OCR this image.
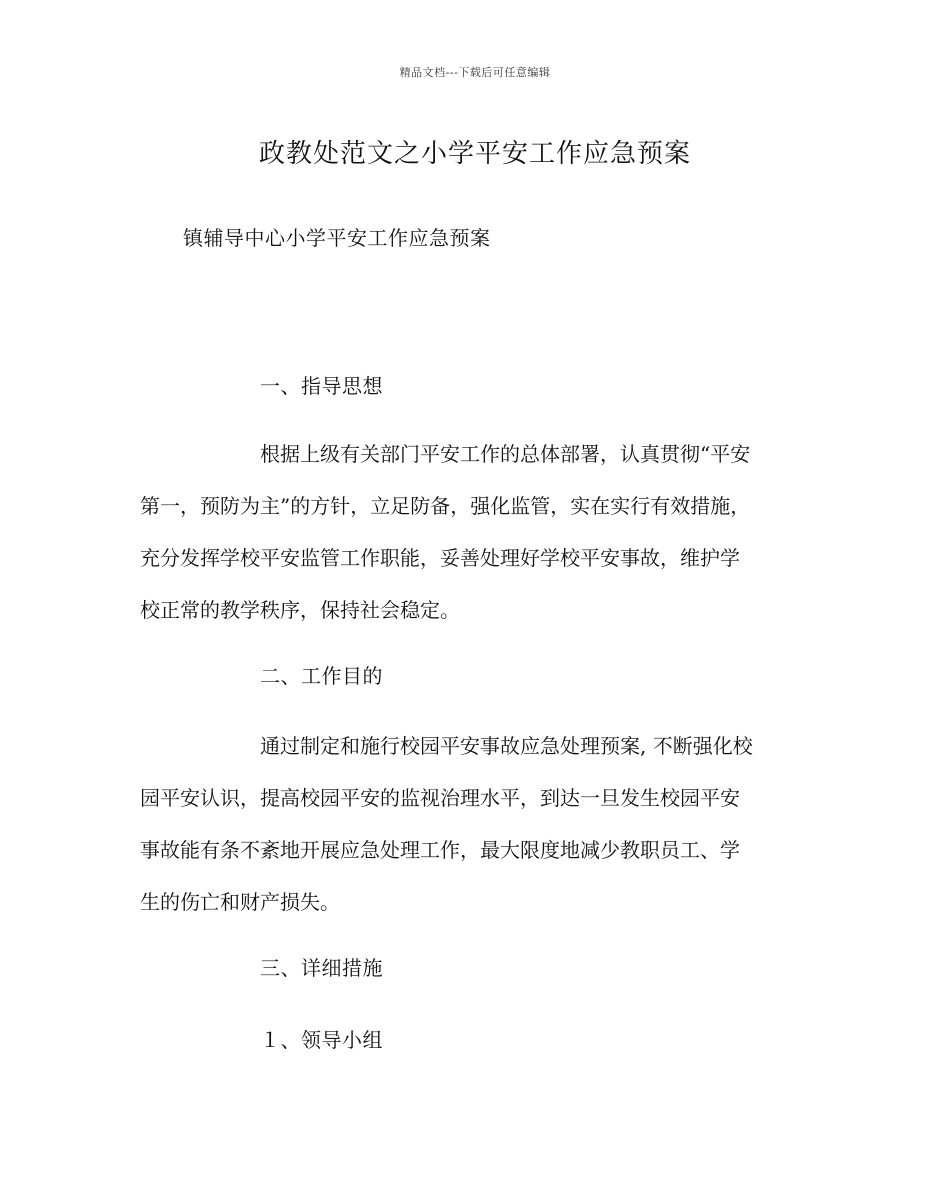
精品文档---下载后可任意编辑
政教处范文之小学平安工作应急预案
镇辅导中心小学平安工作应急预案
一、指导思想
根据上级有关部门平安工作的总体部署，认真贯彻“平安
第一，预防为主”的方针，立足防备，强化监管，实在实行有效措施，
充分发挥学校平安监管工作职能，妥善处理好学校平安事故，维护学
校正常的教学秩序，保持社会稳定。
二、工作目的
通过制定和施行校园平安事故应急处理预案, 不断强化校
园平安认识，提高校园平安的监视治理水平，到达一旦发生校园平安
事故能有条不紊地开展应急处理工作，最大限度地减少教职员工、学
生的伤亡和财产损失。
三、详细措施
１、领导小组
